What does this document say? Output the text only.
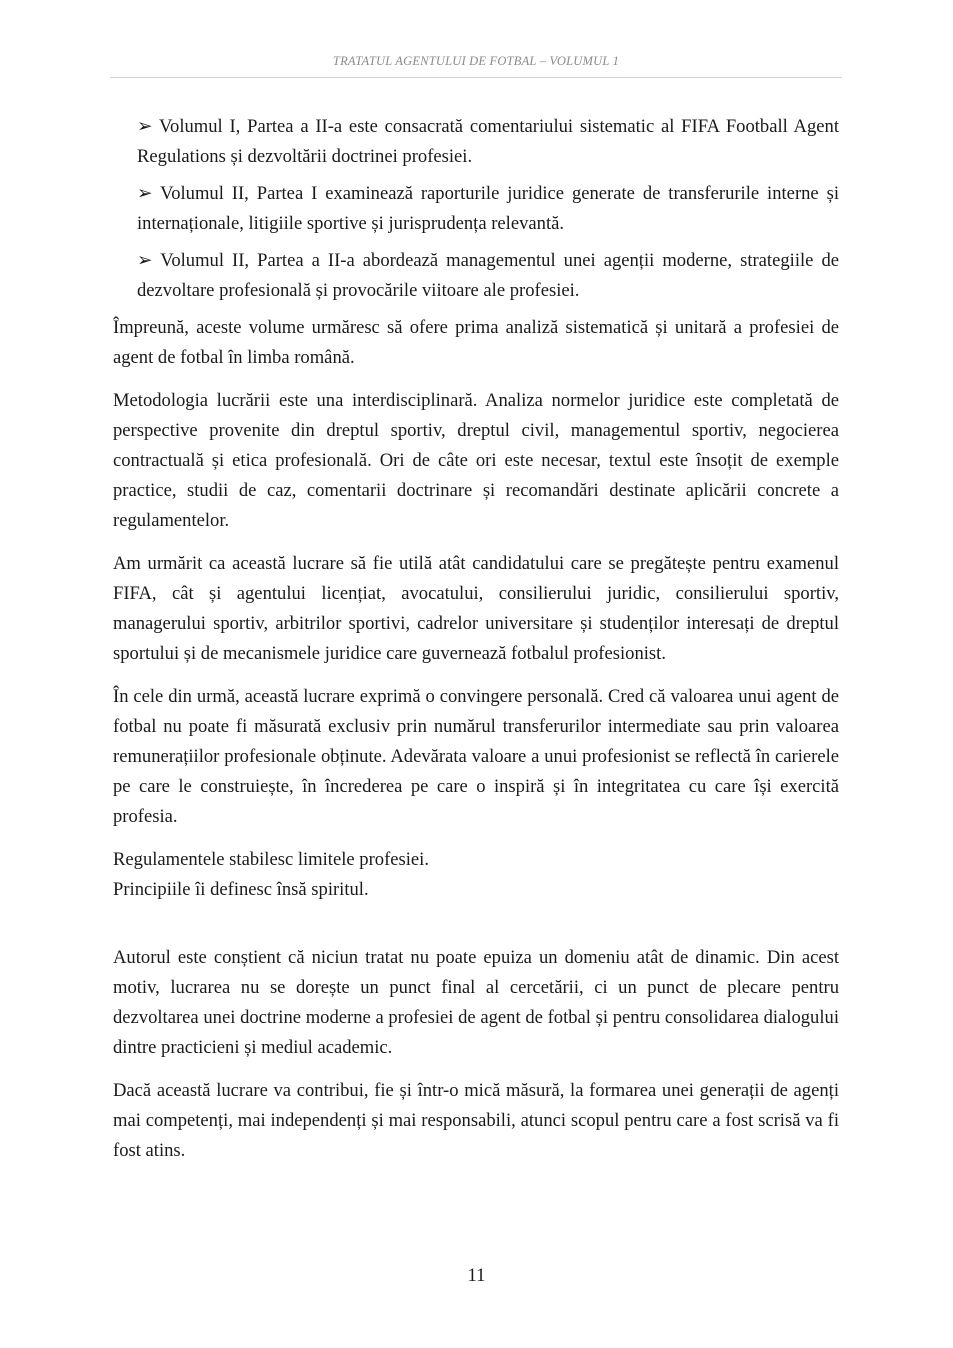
TRATATUL AGENTULUI DE FOTBAL – VOLUMUL 1

➢ Volumul I, Partea a II-a este consacrată comentariului sistematic al FIFA Football Agent Regulations și dezvoltării doctrinei profesiei.

➢ Volumul II, Partea I examinează raporturile juridice generate de transferurile interne și internaționale, litigiile sportive și jurisprudența relevantă.

➢ Volumul II, Partea a II-a abordează managementul unei agenții moderne, strategiile de dezvoltare profesională și provocările viitoare ale profesiei.

Împreună, aceste volume urmăresc să ofere prima analiză sistematică și unitară a profesiei de agent de fotbal în limba română.

Metodologia lucrării este una interdisciplinară. Analiza normelor juridice este completată de perspective provenite din dreptul sportiv, dreptul civil, managementul sportiv, negocierea contractuală și etica profesională. Ori de câte ori este necesar, textul este însoțit de exemple practice, studii de caz, comentarii doctrinare și recomandări destinate aplicării concrete a regulamentelor.

Am urmărit ca această lucrare să fie utilă atât candidatului care se pregătește pentru examenul FIFA, cât și agentului licențiat, avocatului, consilierului juridic, consilierului sportiv, managerului sportiv, arbitrilor sportivi, cadrelor universitare și studenților interesați de dreptul sportului și de mecanismele juridice care guvernează fotbalul profesionist.

În cele din urmă, această lucrare exprimă o convingere personală. Cred că valoarea unui agent de fotbal nu poate fi măsurată exclusiv prin numărul transferurilor intermediate sau prin valoarea remunerațiilor profesionale obținute. Adevărata valoare a unui profesionist se reflectă în carierele pe care le construiește, în încrederea pe care o inspiră și în integritatea cu care își exercită profesia.

Regulamentele stabilesc limitele profesiei.

Principiile îi definesc însă spiritul.

Autorul este conștient că niciun tratat nu poate epuiza un domeniu atât de dinamic. Din acest motiv, lucrarea nu se dorește un punct final al cercetării, ci un punct de plecare pentru dezvoltarea unei doctrine moderne a profesiei de agent de fotbal și pentru consolidarea dialogului dintre practicieni și mediul academic.

Dacă această lucrare va contribui, fie și într-o mică măsură, la formarea unei generații de agenți mai competenți, mai independenți și mai responsabili, atunci scopul pentru care a fost scrisă va fi fost atins.

11
